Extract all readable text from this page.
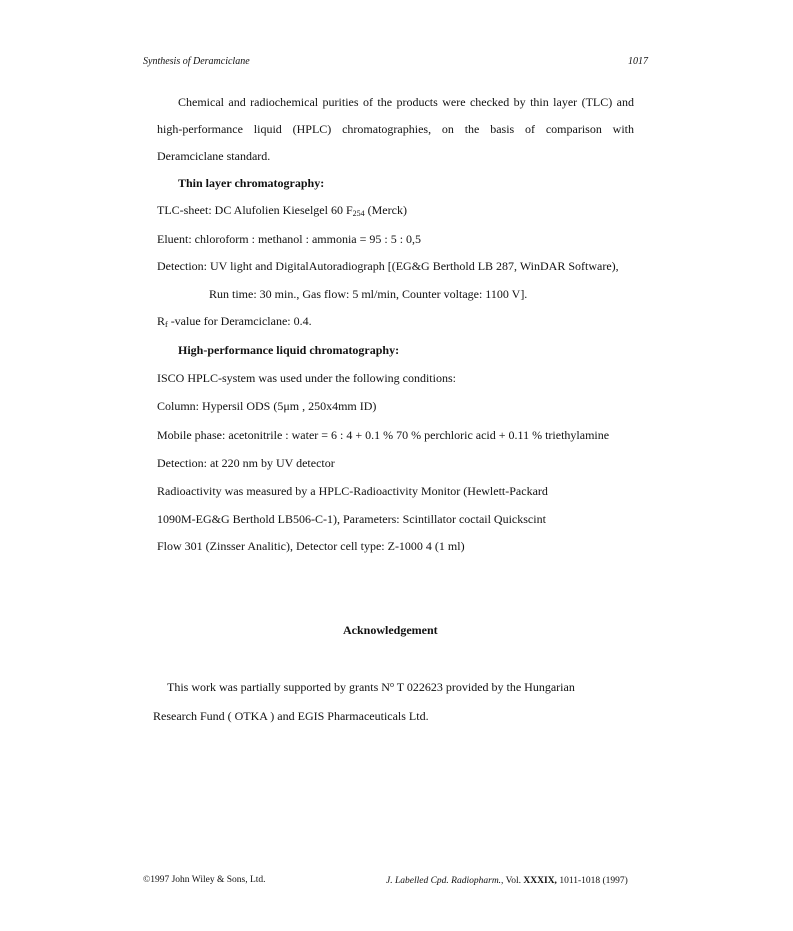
Synthesis of Deramciclane	1017
Chemical and radiochemical purities of the products were checked by thin layer (TLC) and
high-performance liquid (HPLC) chromatographies, on the basis of comparison with
Deramciclane standard.
Thin layer chromatography:
TLC-sheet: DC Alufolien Kieselgel 60 $F_{254}$ (Merck)
Eluent: chloroform : methanol : ammonia = 95 : 5 : 0,5
Detection: UV light and DigitalAutoradiograph [(EG&G Berthold LB 287, WinDAR Software),
Run time: 30 min., Gas flow: 5 ml/min, Counter voltage: 1100 V].
$R_f$ -value for Deramciclane: 0.4.
High-performance liquid chromatography:
ISCO HPLC-system was used under the following conditions:
Column: Hypersil ODS (5μm , 250x4mm ID)
Mobile phase: acetonitrile : water = 6 : 4 + 0.1 % 70 % perchloric acid + 0.11 % triethylamine
Detection: at 220 nm by UV detector
Radioactivity was measured by a HPLC-Radioactivity Monitor (Hewlett-Packard
1090M-EG&G Berthold LB506-C-1), Parameters: Scintillator coctail Quickscint
Flow 301 (Zinsser Analitic), Detector cell type: Z-1000 4 (1 ml)
Acknowledgement
This work was partially supported by grants $N^o$ T 022623 provided by the Hungarian
Research Fund ( OTKA ) and EGIS Pharmaceuticals Ltd.
©1997 John Wiley & Sons, Ltd.	J. Labelled Cpd. Radiopharm., Vol. XXXIX, 1011-1018 (1997)
